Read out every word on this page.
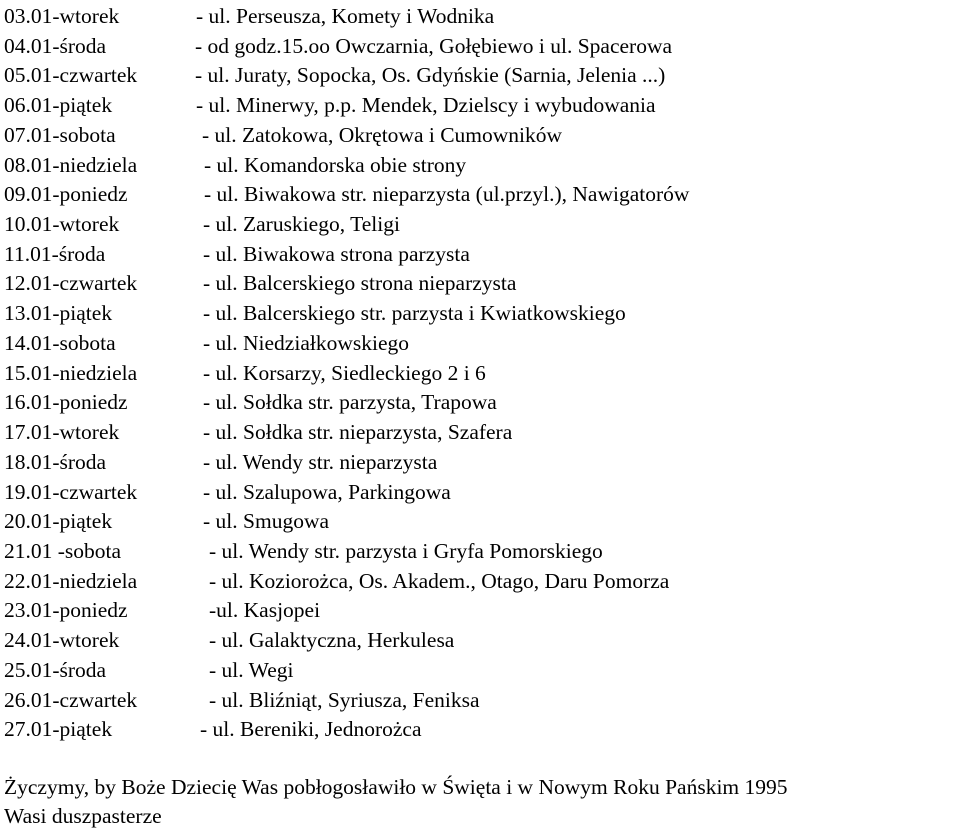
03.01-wtorek	- ul. Perseusza, Komety i Wodnika
04.01-środa	- od godz.15.oo Owczarnia, Gołębiewo i ul. Spacerowa
05.01-czwartek	- ul. Juraty, Sopocka, Os. Gdyńskie (Sarnia, Jelenia ...)
06.01-piątek	- ul. Minerwy, p.p. Mendek, Dzielscy i wybudowania
07.01-sobota	- ul. Zatokowa, Okrętowa i Cumowników
08.01-niedziela	- ul. Komandorska obie strony
09.01-poniedz	- ul. Biwakowa str. nieparzysta (ul.przyl.), Nawigatorów
10.01-wtorek	- ul. Zaruskiego, Teligi
11.01-środa	- ul. Biwakowa strona parzysta
12.01-czwartek	- ul. Balcerskiego strona nieparzysta
13.01-piątek	- ul. Balcerskiego str. parzysta i Kwiatkowskiego
14.01-sobota	- ul. Niedziałkowskiego
15.01-niedziela	- ul. Korsarzy, Siedleckiego 2 i 6
16.01-poniedz	- ul. Sołdka str. parzysta, Trapowa
17.01-wtorek	- ul. Sołdka str. nieparzysta, Szafera
18.01-środa	- ul. Wendy str. nieparzysta
19.01-czwartek	- ul. Szalupowa, Parkingowa
20.01-piątek	- ul. Smugowa
21.01 -sobota	- ul. Wendy str. parzysta i Gryfa Pomorskiego
22.01-niedziela	- ul. Koziorożca, Os. Akadem., Otago, Daru Pomorza
23.01-poniedz	-ul. Kasjopei
24.01-wtorek	- ul. Galaktyczna, Herkulesa
25.01-środa	- ul. Wegi
26.01-czwartek	- ul. Bliźniąt, Syriusza, Feniksa
27.01-piątek	- ul. Bereniki, Jednorożca
Życzymy, by Boże Dziecię Was pobłogosławiło w Święta i w Nowym Roku Pańskim 1995
Wasi duszpasterze
